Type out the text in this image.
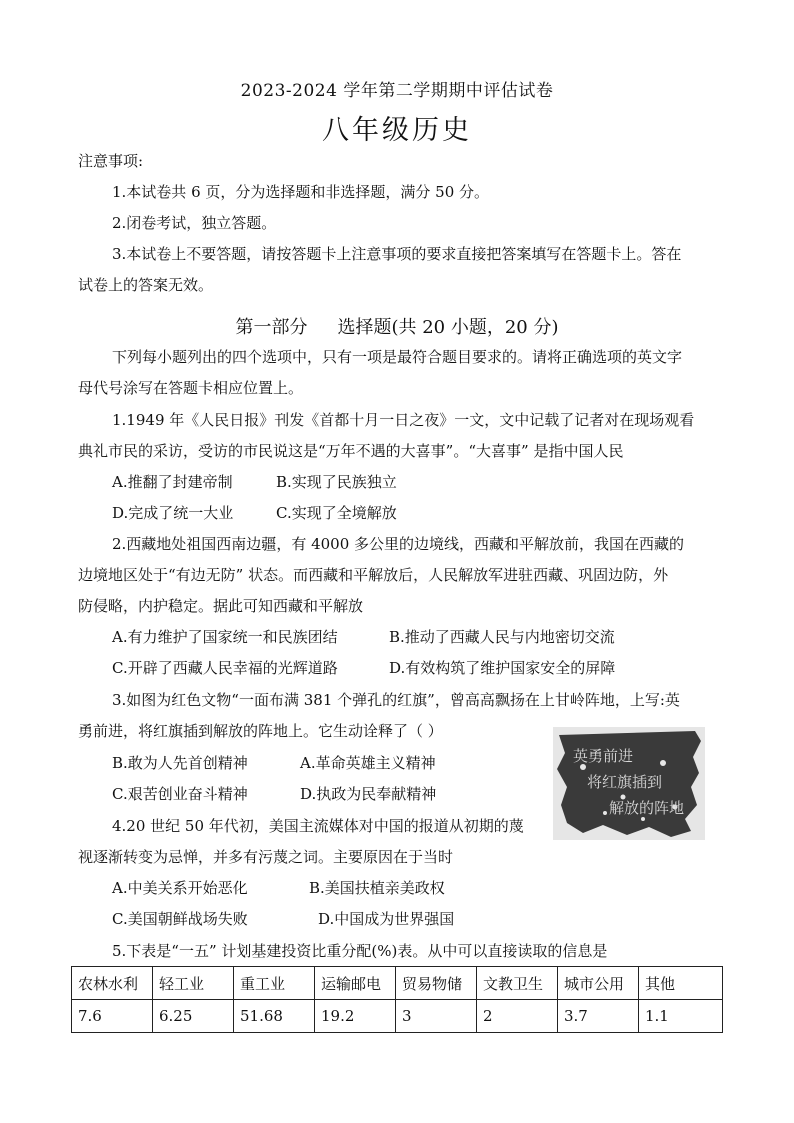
2023-2024 学年第二学期期中评估试卷
八年级历史
注意事项:
1.本试卷共 6 页，分为选择题和非选择题，满分 50 分。
2.闭卷考试，独立答题。
3.本试卷上不要答题，请按答题卡上注意事项的要求直接把答案填写在答题卡上。答在
试卷上的答案无效。
第一部分 选择题(共 20 小题，20 分)
下列每小题列出的四个选项中，只有一项是最符合题目要求的。请将正确选项的英文字
母代号涂写在答题卡相应位置上。
1.1949 年《人民日报》刊发《首都十月一日之夜》一文，文中记载了记者对在现场观看
典礼市民的采访，受访的市民说这是“万年不遇的大喜事”。“大喜事” 是指中国人民
A.推翻了封建帝制	B.实现了民族独立
D.完成了统一大业	C.实现了全境解放
2.西藏地处祖国西南边疆，有 4000 多公里的边境线，西藏和平解放前，我国在西藏的
边境地区处于“有边无防” 状态。而西藏和平解放后，人民解放军进驻西藏、巩固边防，外
防侵略，内护稳定。据此可知西藏和平解放
A.有力维护了国家统一和民族团结	B.推动了西藏人民与内地密切交流
C.开辟了西藏人民幸福的光辉道路	D.有效构筑了维护国家安全的屏障
3.如图为红色文物“一面布满 381 个弹孔的红旗”，曾高高飘扬在上甘岭阵地，上写:英
勇前进，将红旗插到解放的阵地上。它生动诠释了（ ）
B.敢为人先首创精神	A.革命英雄主义精神
C.艰苦创业奋斗精神	D.执政为民奉献精神
英勇前进
将红旗插到
解放的阵地
4.20 世纪 50 年代初，美国主流媒体对中国的报道从初期的蔑
视逐渐转变为忌惮，并多有污蔑之词。主要原因在于当时
A.中美关系开始恶化	B.美国扶植亲美政权
C.美国朝鲜战场失败	D.中国成为世界强国
5.下表是“一五” 计划基建投资比重分配(%)表。从中可以直接读取的信息是
农林水利	轻工业	重工业	运输邮电	贸易物储	文教卫生	城市公用	其他
7.6	6.25	51.68	19.2	3	2	3.7	1.1
